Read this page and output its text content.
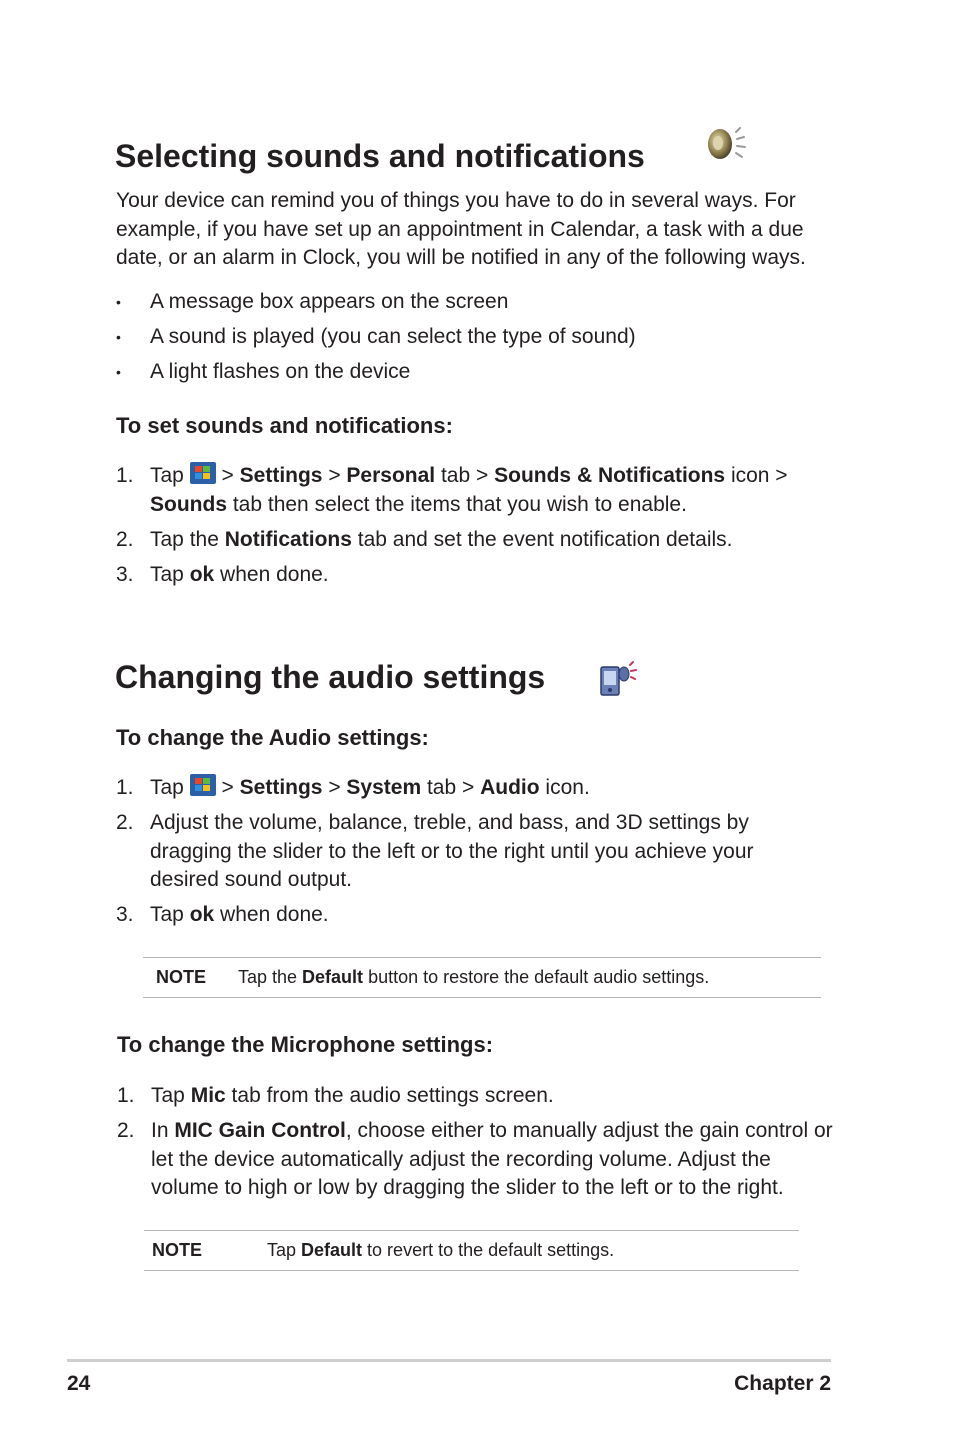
Selecting sounds and notifications

Your device can remind you of things you have to do in several ways. For example, if you have set up an appointment in Calendar, a task with a due date, or an alarm in Clock, you will be notified in any of the following ways.

• A message box appears on the screen
• A sound is played (you can select the type of sound)
• A light flashes on the device
To set sounds and notifications:
1. Tap  > Settings > Personal tab > Sounds & Notifications icon > Sounds tab then select the items that you wish to enable.
2. Tap the Notifications tab and set the event notification details.
3. Tap ok when done.
Changing the audio settings
To change the Audio settings:
1. Tap  > Settings > System tab > Audio icon.
2. Adjust the volume, balance, treble, and bass, and 3D settings by dragging the slider to the left or to the right until you achieve your desired sound output.
3. Tap ok when done.
NOTE Tap the Default button to restore the default audio settings.
To change the Microphone settings:
1. Tap Mic tab from the audio settings screen.
2. In MIC Gain Control, choose either to manually adjust the gain control or let the device automatically adjust the recording volume. Adjust the volume to high or low by dragging the slider to the left or to the right.
NOTE	Tap Default to revert to the default settings.
24	Chapter 2
